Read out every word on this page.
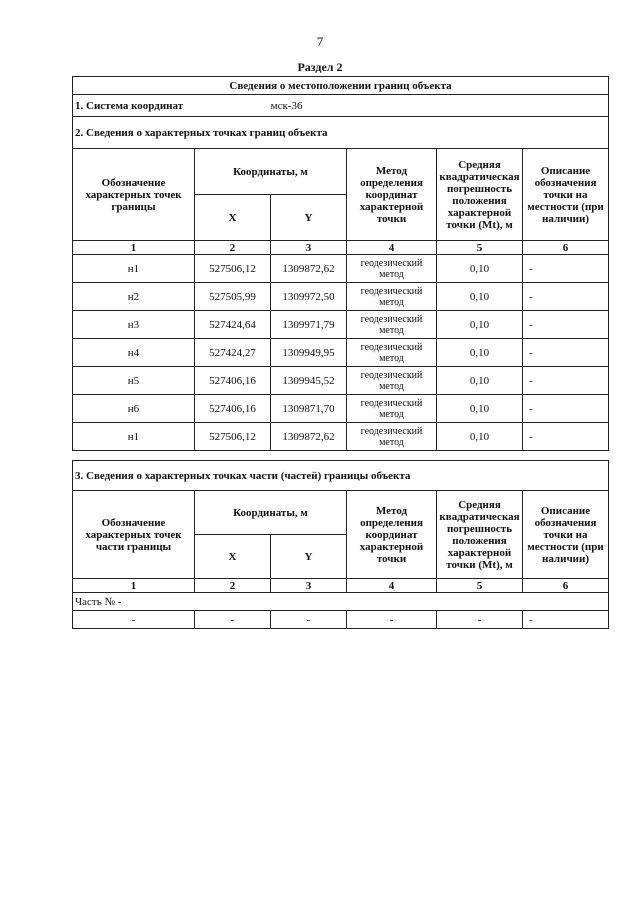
7
Раздел 2
Сведения о местоположении границ объекта					
1. Система координат мск-36					
2. Сведения о характерных точках границ объекта					
Обозначение характерных точек границы	Координаты, м		Метод определения координат характерной точки	Средняя квадратическая погрешность положения характерной точки (Mt), м	Описание обозначения точки на местности (при наличии)
	X	Y			
1	2	3	4	5	6
н1	527506,12	1309872,62	геодезический метод	0,10	-
н2	527505,99	1309972,50	геодезический метод	0,10	-
н3	527424,64	1309971,79	геодезический метод	0,10	-
н4	527424,27	1309949,95	геодезический метод	0,10	-
н5	527406,16	1309945,52	геодезический метод	0,10	-
н6	527406,16	1309871,70	геодезический метод	0,10	-
н1	527506,12	1309872,62	геодезический метод	0,10	-
3. Сведения о характерных точках части (частей) границы объекта					
Обозначение характерных точек части границы	Координаты, м		Метод определения координат характерной точки	Средняя квадратическая погрешность положения характерной точки (Mt), м	Описание обозначения точки на местности (при наличии)
	X	Y			
1	2	3	4	5	6
Часть № -					
-	-	-	-	-	-
